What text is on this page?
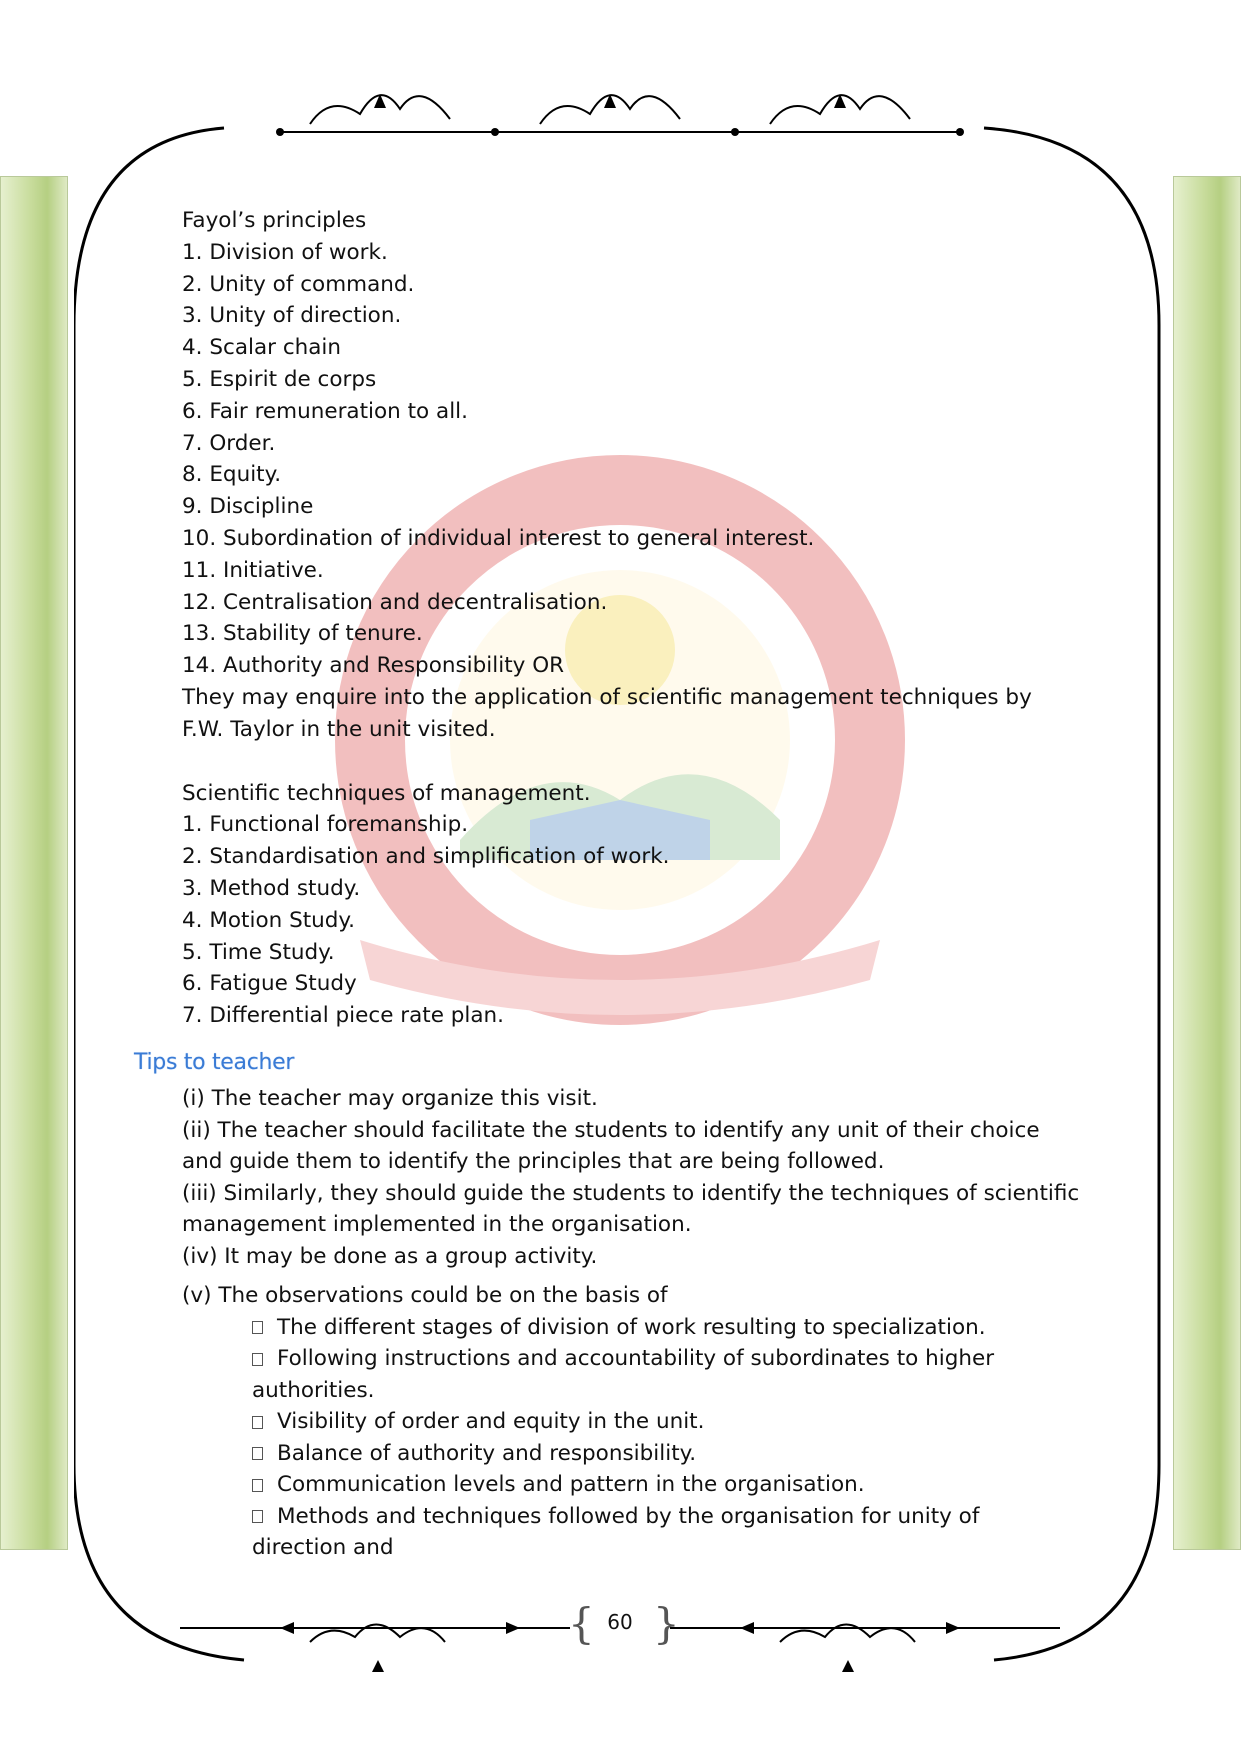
{ }
60
Fayol’s principles
1. Division of work.
2. Unity of command.
3. Unity of direction.
4. Scalar chain
5. Espirit de corps
6. Fair remuneration to all.
7. Order.
8. Equity.
9. Discipline
10. Subordination of individual interest to general interest.
11. Initiative.
12. Centralisation and decentralisation.
13. Stability of tenure.
14. Authority and Responsibility OR
They may enquire into the application of scientific management techniques by
F.W. Taylor in the unit visited.
Scientific techniques of management.
1. Functional foremanship.
2. Standardisation and simplification of work.
3. Method study.
4. Motion Study.
5. Time Study.
6. Fatigue Study
7. Differential piece rate plan.
Tips to teacher
(i) The teacher may organize this visit.
(ii) The teacher should facilitate the students to identify any unit of their choice
and guide them to identify the principles that are being followed.
(iii) Similarly, they should guide the students to identify the techniques of scientific
management implemented in the organisation.
(iv) It may be done as a group activity.
(v) The observations could be on the basis of
The different stages of division of work resulting to specialization.
Following instructions and accountability of subordinates to higher
authorities.
Visibility of order and equity in the unit.
Balance of authority and responsibility.
Communication levels and pattern in the organisation.
Methods and techniques followed by the organisation for unity of
direction and
